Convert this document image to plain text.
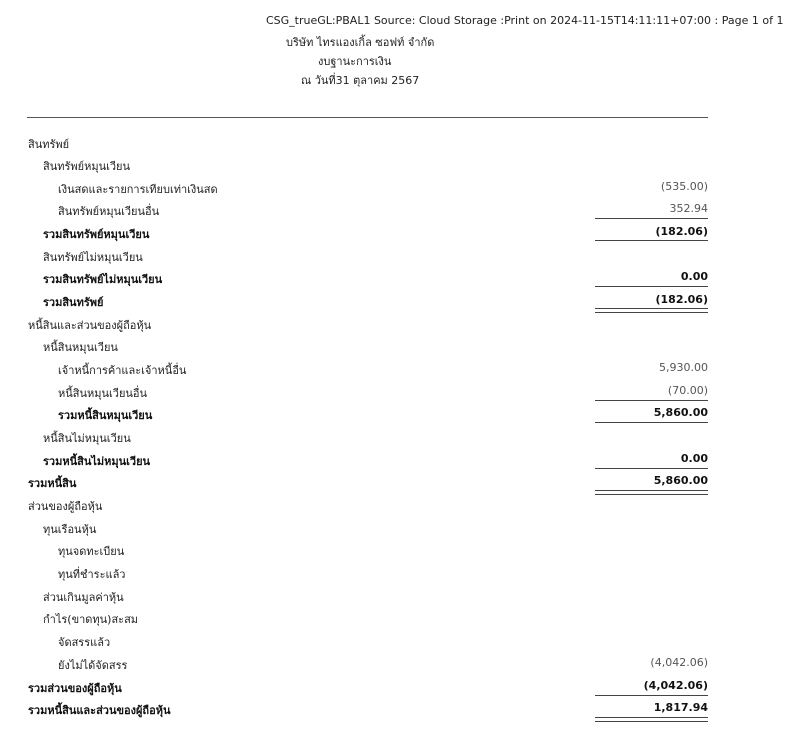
CSG_trueGL:PBAL1 Source: Cloud Storage :Print on 2024-11-15T14:11:11+07:00 : Page 1 of 1
บริษัท ไทรแองเกิ้ล ซอฟท์ จำกัด
งบฐานะการเงิน
ณ วันที่31 ตุลาคม 2567
สินทรัพย์
สินทรัพย์หมุนเวียน
เงินสดและรายการเทียบเท่าเงินสด	(535.00)
สินทรัพย์หมุนเวียนอื่น	352.94
รวมสินทรัพย์หมุนเวียน	(182.06)
สินทรัพย์ไม่หมุนเวียน
รวมสินทรัพย์ไม่หมุนเวียน	0.00
รวมสินทรัพย์	(182.06)
หนี้สินและส่วนของผู้ถือหุ้น
หนี้สินหมุนเวียน
เจ้าหนี้การค้าและเจ้าหนี้อื่น	5,930.00
หนี้สินหมุนเวียนอื่น	(70.00)
รวมหนี้สินหมุนเวียน	5,860.00
หนี้สินไม่หมุนเวียน
รวมหนี้สินไม่หมุนเวียน	0.00
รวมหนี้สิน	5,860.00
ส่วนของผู้ถือหุ้น
ทุนเรือนหุ้น
ทุนจดทะเบียน
ทุนที่ชำระแล้ว
ส่วนเกินมูลค่าหุ้น
กำไร(ขาดทุน)สะสม
จัดสรรแล้ว
ยังไม่ได้จัดสรร	(4,042.06)
รวมส่วนของผู้ถือหุ้น	(4,042.06)
รวมหนี้สินและส่วนของผู้ถือหุ้น	1,817.94
